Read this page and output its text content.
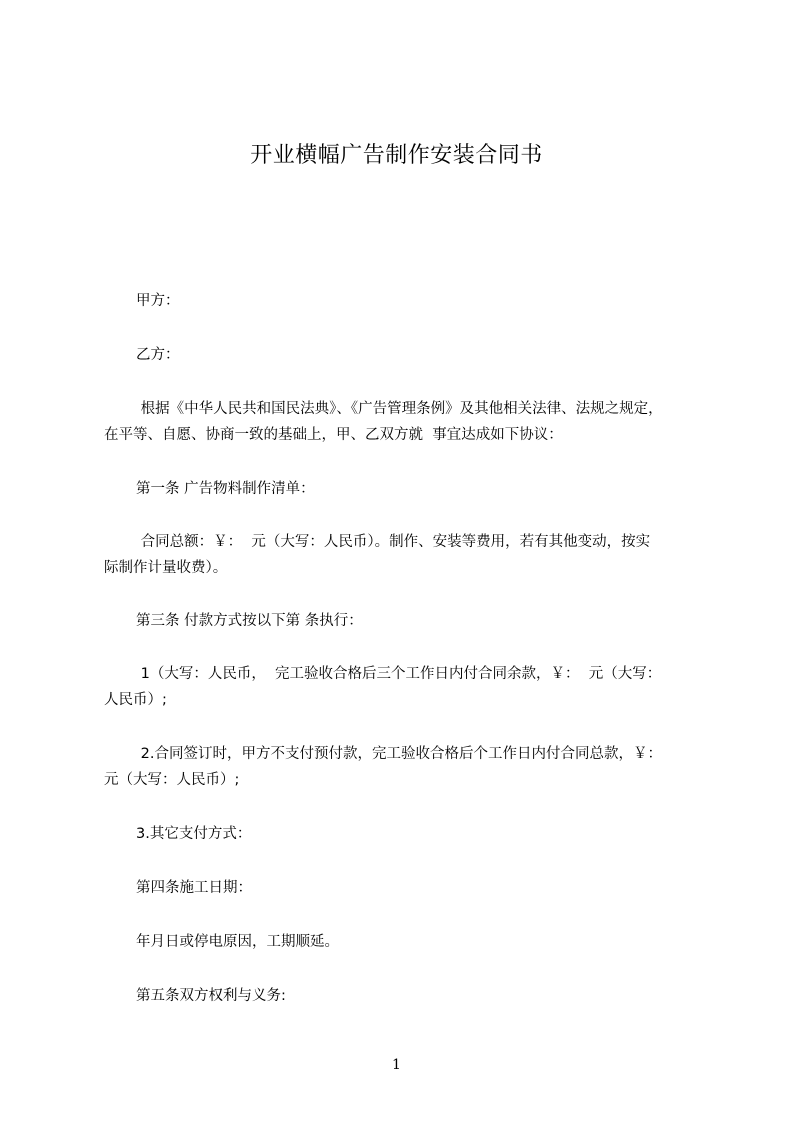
开业横幅广告制作安装合同书
甲方：
乙方：
根据《中华人民共和国民法典》、《广告管理条例》及其他相关法律、法规之规定，
在平等、自愿、协商一致的基础上，甲、乙双方就  事宜达成如下协议：
第一条 广告物料制作清单：
合同总额：￥：  元（大写：人民币）。制作、安装等费用，若有其他变动，按实
际制作计量收费）。
第三条 付款方式按以下第 条执行：
1（大写：人民币，  完工验收合格后三个工作日内付合同余款，￥：  元（大写：
人民币）;
2.合同签订时，甲方不支付预付款，完工验收合格后个工作日内付合同总款，￥：
元（大写：人民币）;
3.其它支付方式：
第四条施工日期：
年月日或停电原因，工期顺延。
第五条双方权利与义务:
1
